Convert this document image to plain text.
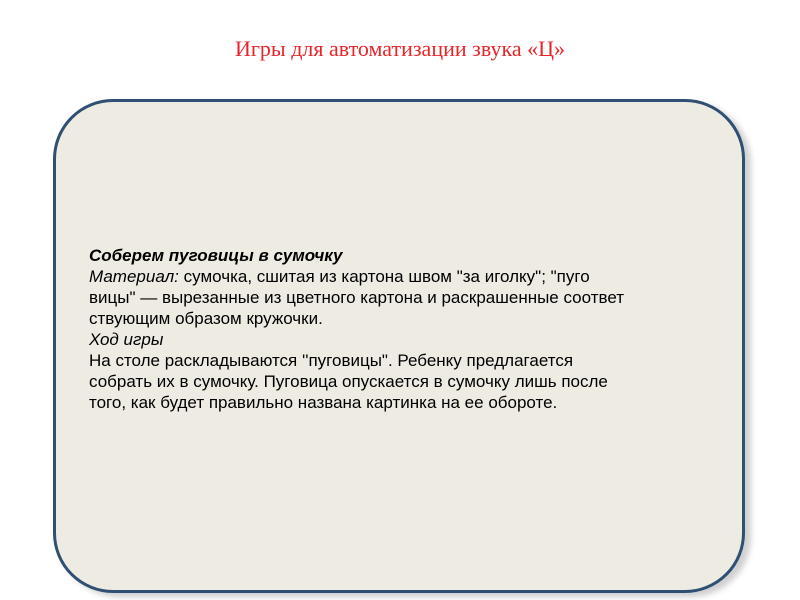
Игры для автоматизации звука «Ц»

Соберем пуговицы в сумочку

Материал: сумочка, сшитая из картона швом "за иголку"; "пуго

вицы" — вырезанные из цветного картона и раскрашенные соответ

ствующим образом кружочки.

Ход игры

На столе раскладываются ''пуговицы". Ребенку предлагается

собрать их в сумочку. Пуговица опускается в сумочку лишь после

того, как будет правильно названа картинка на ее обороте.
